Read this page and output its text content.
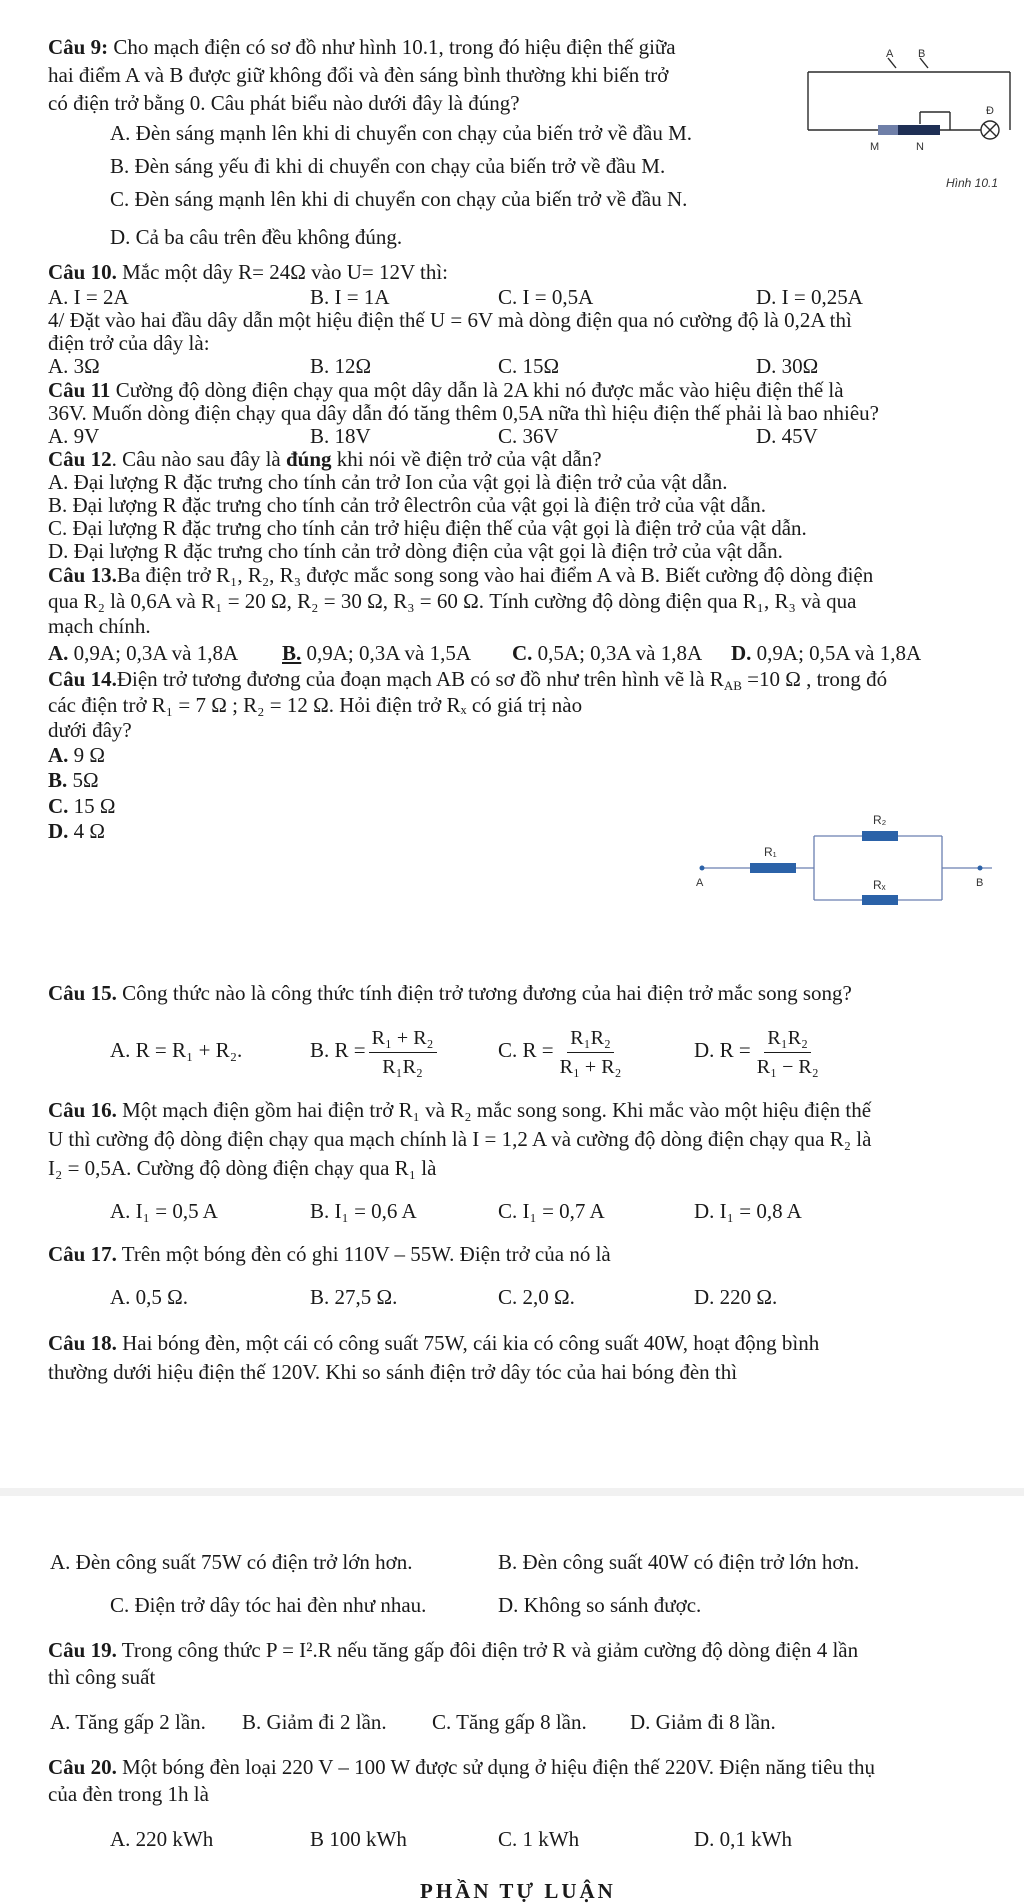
Câu 9: Cho mạch điện có sơ đồ như hình 10.1, trong đó hiệu điện thế giữa
hai điểm A và B được giữ không đổi và đèn sáng bình thường khi biến trở
có điện trở bằng 0. Câu phát biểu nào dưới đây là đúng?
A. Đèn sáng mạnh lên khi di chuyển con chạy của biến trở về đầu M.
B. Đèn sáng yếu đi khi di chuyển con chạy của biến trở về đầu M.
C. Đèn sáng mạnh lên khi di chuyển con chạy của biến trở về đầu N.
D. Cả ba câu trên đều không đúng.
A B
Đ
M	N
Hình 10.1
Câu 10. Mắc một dây R= 24Ω vào U= 12V thì:
A. I = 2A	B. I = 1A	C. I = 0,5A	D. I = 0,25A
4/ Đặt vào hai đầu dây dẫn một hiệu điện thế U = 6V mà dòng điện qua nó cường độ là 0,2A thì
điện trở của dây là:
A. 3Ω	B. 12Ω	C. 15Ω	D. 30Ω
Câu 11 Cường độ dòng điện chạy qua một dây dẫn là 2A khi nó được mắc vào hiệu điện thế là
36V. Muốn dòng điện chạy qua dây dẫn đó tăng thêm 0,5A nữa thì hiệu điện thế phải là bao nhiêu?
A. 9V	B. 18V	C. 36V	D. 45V
Câu 12. Câu nào sau đây là đúng khi nói về điện trở của vật dẫn?
A. Đại lượng R đặc trưng cho tính cản trở Ion của vật gọi là điện trở của vật dẫn.
B. Đại lượng R đặc trưng cho tính cản trở êlectrôn của vật gọi là điện trở của vật dẫn.
C. Đại lượng R đặc trưng cho tính cản trở hiệu điện thế của vật gọi là điện trở của vật dẫn.
D. Đại lượng R đặc trưng cho tính cản trở dòng điện của vật gọi là điện trở của vật dẫn.
Câu 13.Ba điện trở R₁, R₂, R₃ được mắc song song vào hai điểm A và B. Biết cường độ dòng điện
qua R₂ là 0,6A và R₁ = 20 Ω, R₂ = 30 Ω, R₃ = 60 Ω. Tính cường độ dòng điện qua R₁, R₃ và qua
mạch chính.
A. 0,9A; 0,3A và 1,8A B. 0,9A; 0,3A và 1,5A C. 0,5A; 0,3A và 1,8A D. 0,9A; 0,5A và 1,8A
Câu 14.Điện trở tương đương của đoạn mạch AB có sơ đồ như trên hình vẽ là $R_{AB} =10$ Ω , trong đó
các điện trở R₁ = 7 Ω ; R₂ = 12 Ω. Hỏi điện trở Rₓ có giá trị nào
dưới đây?
A. 9 Ω
B. 5Ω
C. 15 Ω
D. 4 Ω
A	B
R₁
R₂
Rₓ
Câu 15. Công thức nào là công thức tính điện trở tương đương của hai điện trở mắc song song?
A. R = R₁ + R₂.	B. $R = \frac{\text{R₁ + R₂}}{\text{R₁R₂}}$	C. $R = \frac{\text{R₁R₂}}{\text{R₁ + R₂}}$	D. $R = \frac{\text{R₁R₂}}{\text{R₁ − R₂}}$
Câu 16. Một mạch điện gồm hai điện trở R₁ và R₂ mắc song song. Khi mắc vào một hiệu điện thế
U thì cường độ dòng điện chạy qua mạch chính là I = 1,2 A và cường độ dòng điện chạy qua R₂ là
I₂ = 0,5A. Cường độ dòng điện chạy qua R₁ là
A. I₁ = 0,5 A	B. I₁ = 0,6 A	C. I₁ = 0,7 A	D. I₁ = 0,8 A
Câu 17. Trên một bóng đèn có ghi 110V – 55W. Điện trở của nó là
A. 0,5 Ω.	B. 27,5 Ω.	C. 2,0 Ω.	D. 220 Ω.
Câu 18. Hai bóng đèn, một cái có công suất 75W, cái kia có công suất 40W, hoạt động bình
thường dưới hiệu điện thế 120V. Khi so sánh điện trở dây tóc của hai bóng đèn thì
A. Đèn công suất 75W có điện trở lớn hơn.	B. Đèn công suất 40W có điện trở lớn hơn.
C. Điện trở dây tóc hai đèn như nhau.	D. Không so sánh được.
Câu 19. Trong công thức P = I².R nếu tăng gấp đôi điện trở R và giảm cường độ dòng điện 4 lần
thì công suất
A. Tăng gấp 2 lần. B. Giảm đi 2 lần. C. Tăng gấp 8 lần. D. Giảm đi 8 lần.
Câu 20. Một bóng đèn loại 220 V – 100 W được sử dụng ở hiệu điện thế 220V. Điện năng tiêu thụ
của đèn trong 1h là
A. 220 kWh	B 100 kWh	C. 1 kWh	D. 0,1 kWh
PHẦN TỰ LUẬN
